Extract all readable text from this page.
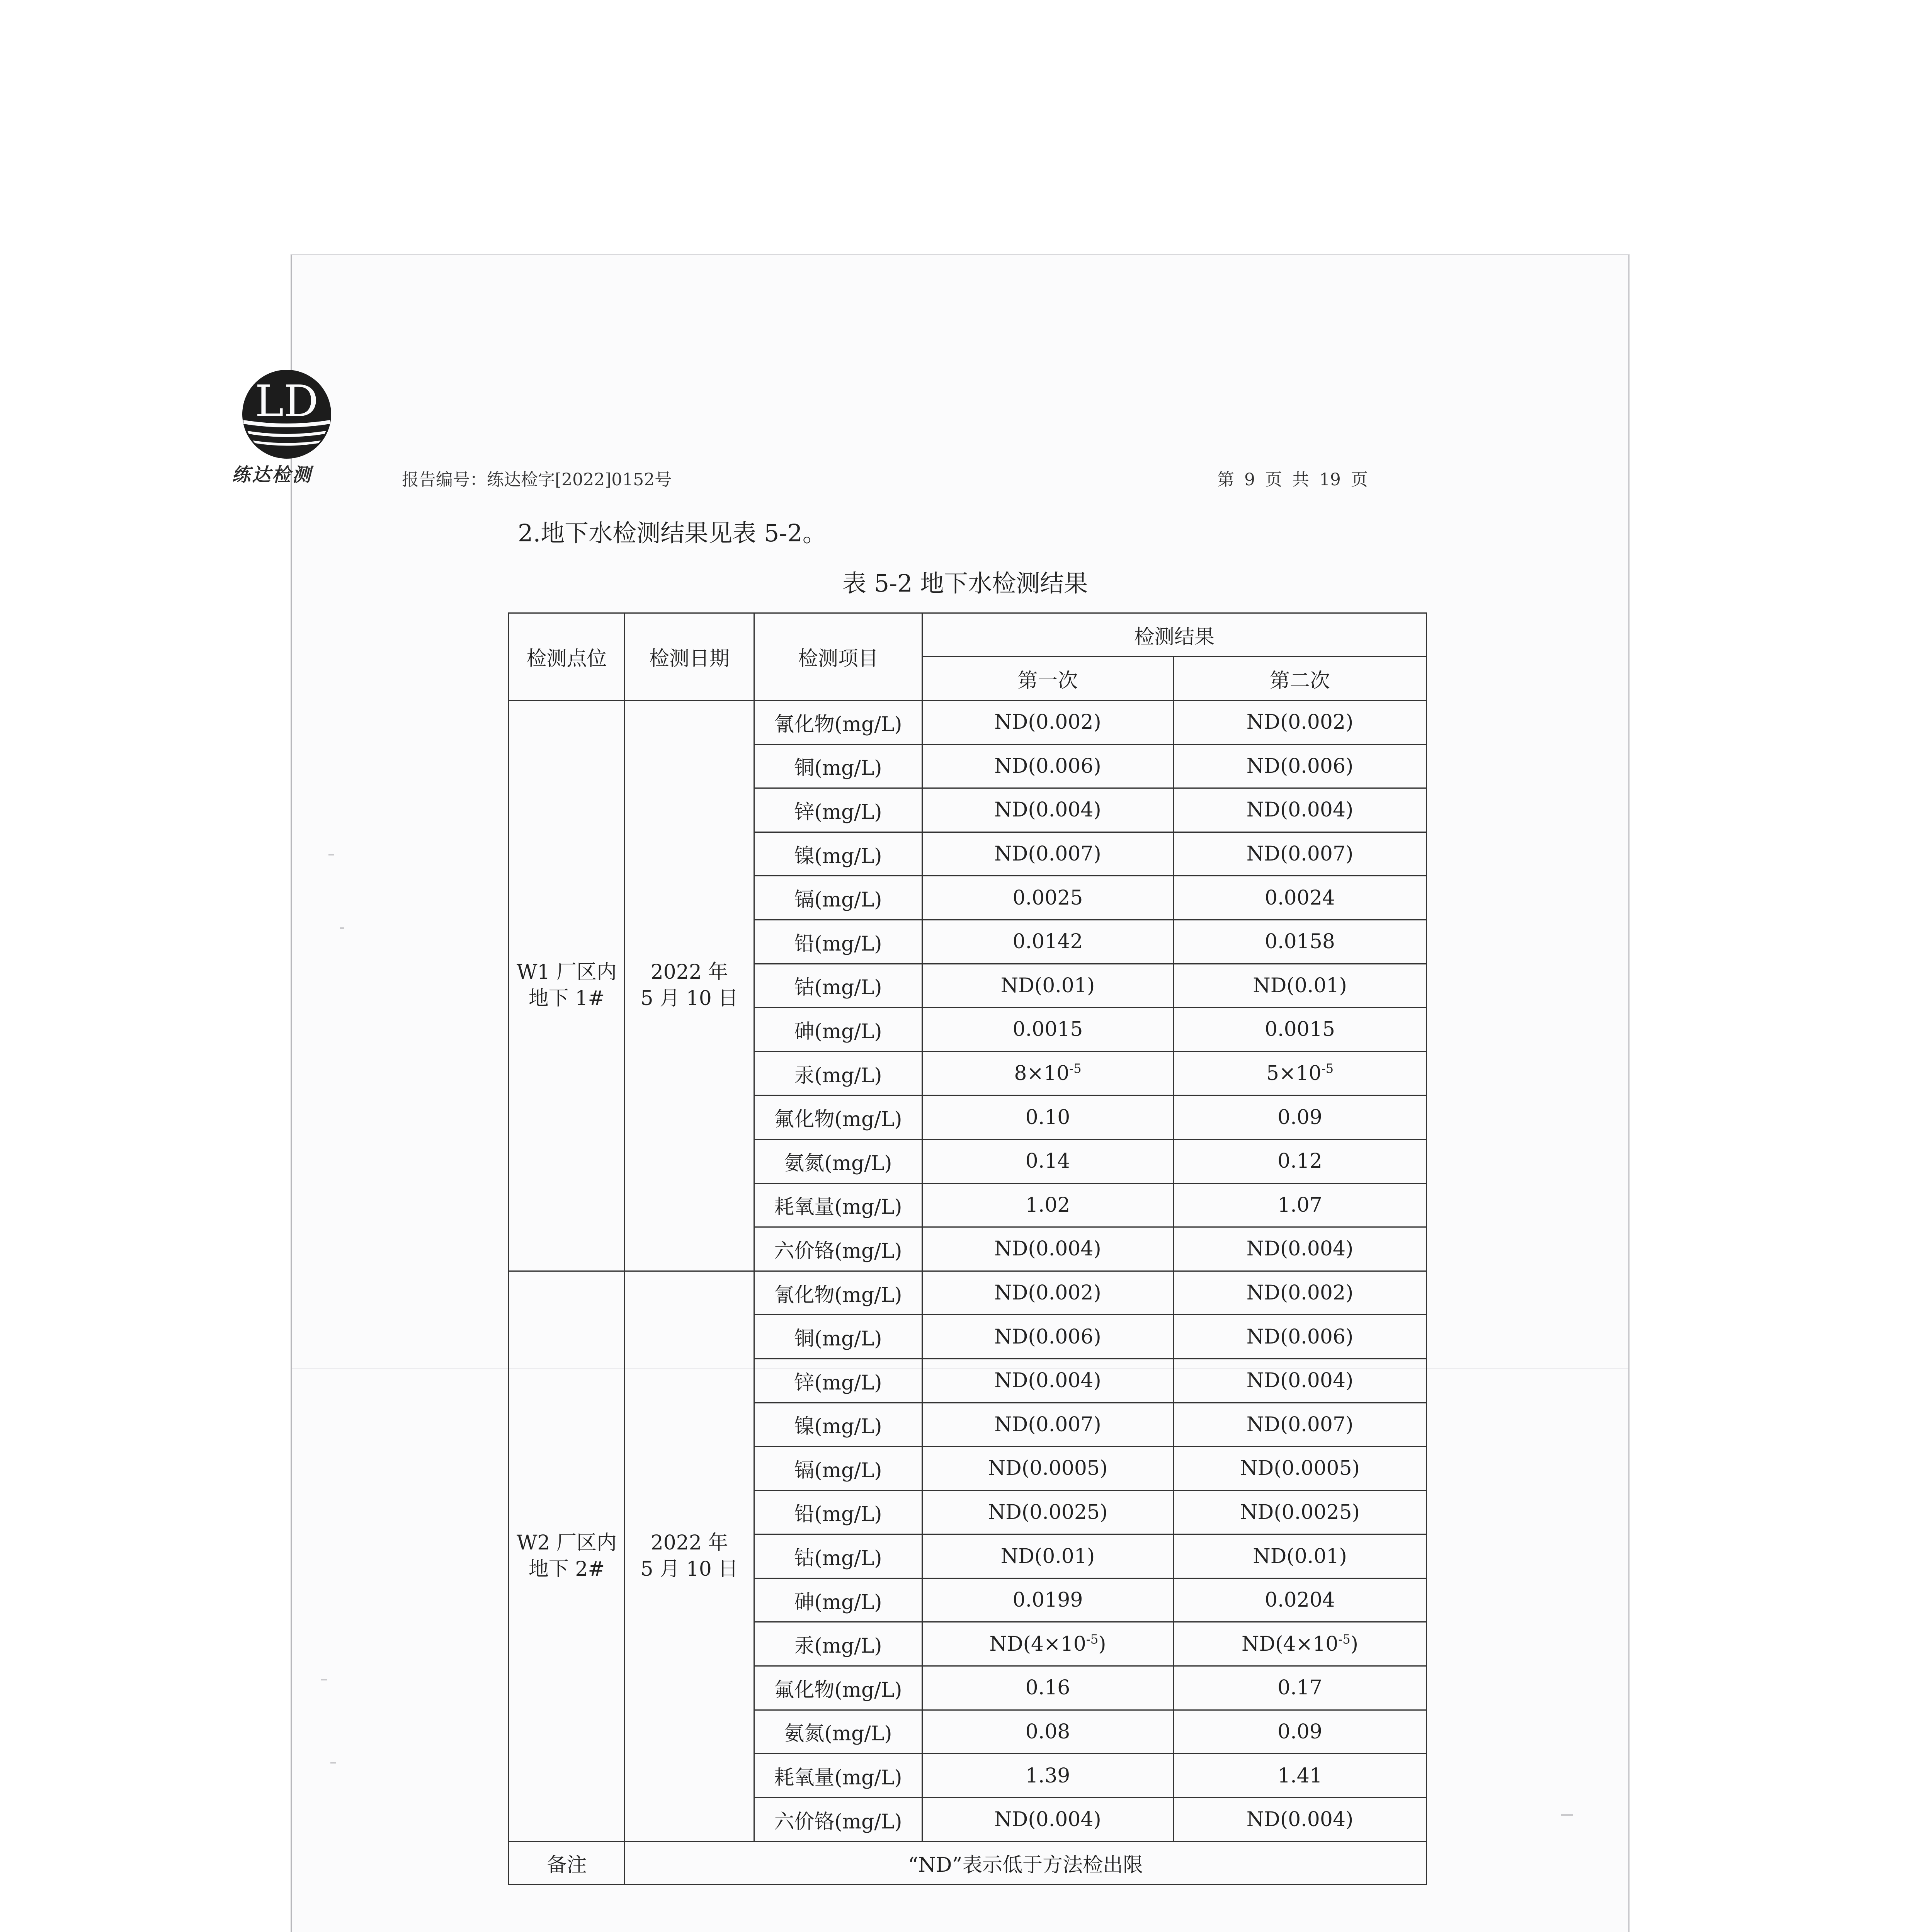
LD
练达检测	报告编号：练达检字[2022]0152号	第 9 页 共 19 页
2.地下水检测结果见表 5-2。
表 5-2 地下水检测结果
检测点位	检测日期	检测项目	检测结果	
			第一次	第二次
W1 厂区内
地下 1#	2022 年
5 月 10 日	氰化物(mg/L)	ND(0.002)	ND(0.002)
		铜(mg/L)	ND(0.006)	ND(0.006)
		锌(mg/L)	ND(0.004)	ND(0.004)
		镍(mg/L)	ND(0.007)	ND(0.007)
		镉(mg/L)	0.0025	0.0024
		铅(mg/L)	0.0142	0.0158
		钴(mg/L)	ND(0.01)	ND(0.01)
		砷(mg/L)	0.0015	0.0015
		汞(mg/L)	$8\times 10^{-5}$	$5\times 10^{-5}$
		氟化物(mg/L)	0.10	0.09
		氨氮(mg/L)	0.14	0.12
		耗氧量(mg/L)	1.02	1.07
		六价铬(mg/L)	ND(0.004)	ND(0.004)
W2 厂区内
地下 2#	2022 年
5 月 10 日	氰化物(mg/L)	ND(0.002)	ND(0.002)
		铜(mg/L)	ND(0.006)	ND(0.006)
		锌(mg/L)	ND(0.004)	ND(0.004)
		镍(mg/L)	ND(0.007)	ND(0.007)
		镉(mg/L)	ND(0.0005)	ND(0.0005)
		铅(mg/L)	ND(0.0025)	ND(0.0025)
		钴(mg/L)	ND(0.01)	ND(0.01)
		砷(mg/L)	0.0199	0.0204
		汞(mg/L)	$ND(4\times 10^{-5})$	$ND(4\times 10^{-5})$
		氟化物(mg/L)	0.16	0.17
		氨氮(mg/L)	0.08	0.09
		耗氧量(mg/L)	1.39	1.41
		六价铬(mg/L)	ND(0.004)	ND(0.004)
备注	“ND”表示低于方法检出限			
